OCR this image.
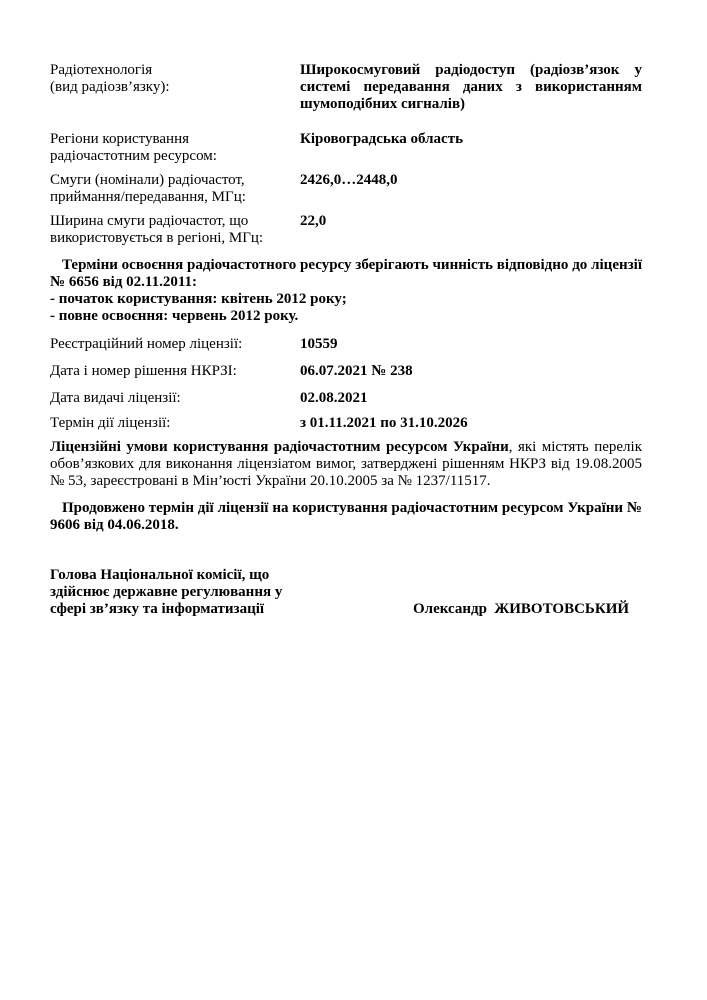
Радіотехнологія
(вид радіозв’язку):
Широкосмуговий радіодоступ (радіозв’язок у системі передавання даних з використанням шумоподібних сигналів)
Регіони користування
радіочастотним ресурсом:
Кіровоградська область
Смуги (номінали) радіочастот,
приймання/передавання, МГц:
2426,0…2448,0
Ширина смуги радіочастот, що
використовується в регіоні, МГц:
22,0
Терміни освоєння радіочастотного ресурсу зберігають чинність відповідно до ліцензії № 6656 від 02.11.2011:
- початок користування: квітень 2012 року;
- повне освоєння: червень 2012 року.
Реєстраційний номер ліцензії:	10559
Дата і номер рішення НКРЗІ:	06.07.2021 № 238
Дата видачі ліцензії:	02.08.2021
Термін дії ліцензії:	з 01.11.2021 по 31.10.2026
Ліцензійні умови користування радіочастотним ресурсом України, які містять перелік обов’язкових для виконання ліцензіатом вимог, затверджені рішенням НКРЗ від 19.08.2005 № 53, зареєстровані в Мін’юсті України 20.10.2005 за № 1237/11517.
Продовжено термін дії ліцензії на користування радіочастотним ресурсом України № 9606 від 04.06.2018.
Голова Національної комісії, що
здійснює державне регулювання у
сфері зв’язку та інформатизації	Олександр  ЖИВОТОВСЬКИЙ
